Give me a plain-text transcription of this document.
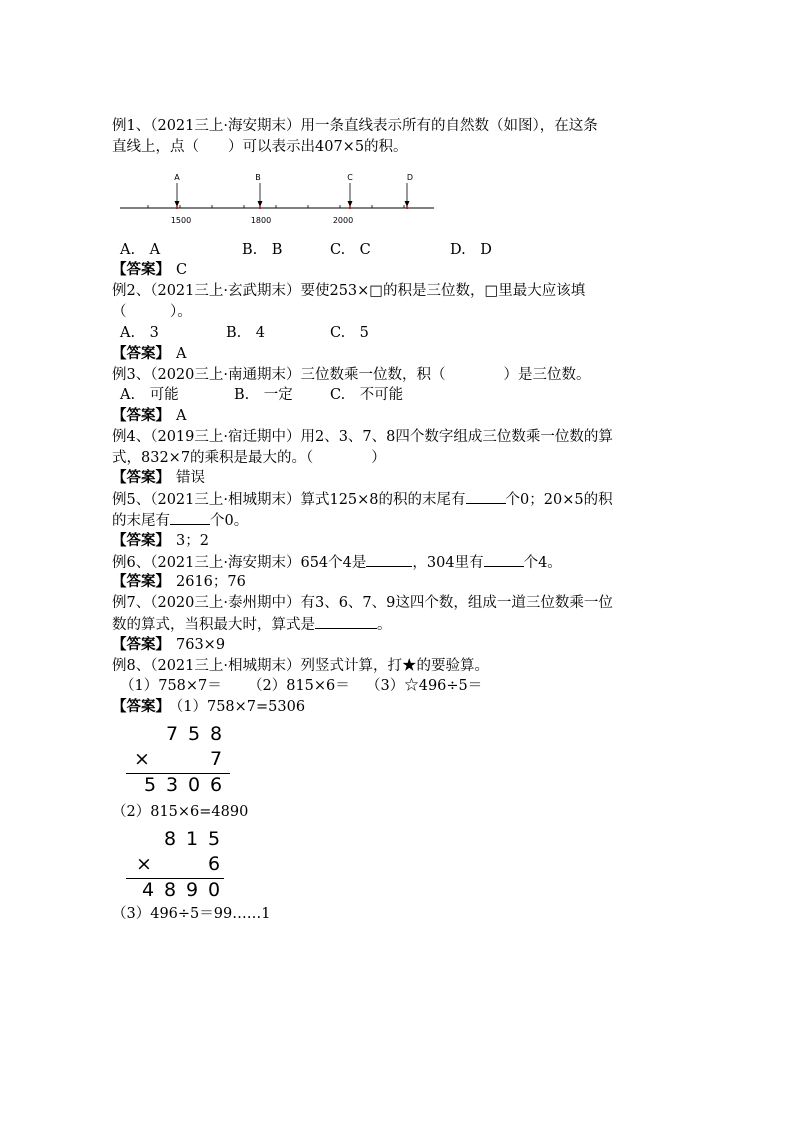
例1、（2021三上·海安期末）用一条直线表示所有的自然数（如图），在这条
直线上，点（　　）可以表示出407×5的积。
A	B	C	D
1500	1800	2000
A.　A	B.　B	C.　C	D.　D
【答案】 C
例2、（2021三上·玄武期末）要使253×□的积是三位数，□里最大应该填
（　　　）。
A.　3	B.　4	C.　5
【答案】 A
例3、（2020三上·南通期末）三位数乘一位数，积（　　　　）是三位数。
A.　可能	B.　一定	C.　不可能
【答案】 A
例4、（2019三上·宿迁期中）用2、3、7、8四个数字组成三位数乘一位数的算
式，832×7的乘积是最大的。（　　　　）
【答案】 错误
例5、（2021三上·相城期末）算式125×8的积的末尾有	个0；20×5的积
的末尾有	个0。
【答案】 3；2
例6、（2021三上·海安期末）654个4是	，304里有	个4。
【答案】 2616；76
例7、（2020三上·泰州期中）有3、6、7、9这四个数，组成一道三位数乘一位
数的算式，当积最大时，算式是	。
【答案】 763×9
例8、（2021三上·相城期末）列竖式计算，打★的要验算。
（1）758×7＝ （2）815×6＝ （3）☆496÷5＝
【答案】 （1）758×7=5306
7 5 8
×	7
5 3 0 6
（2）815×6=4890
8 1 5
×	6
4 8 9 0
（3）496÷5＝99……1
